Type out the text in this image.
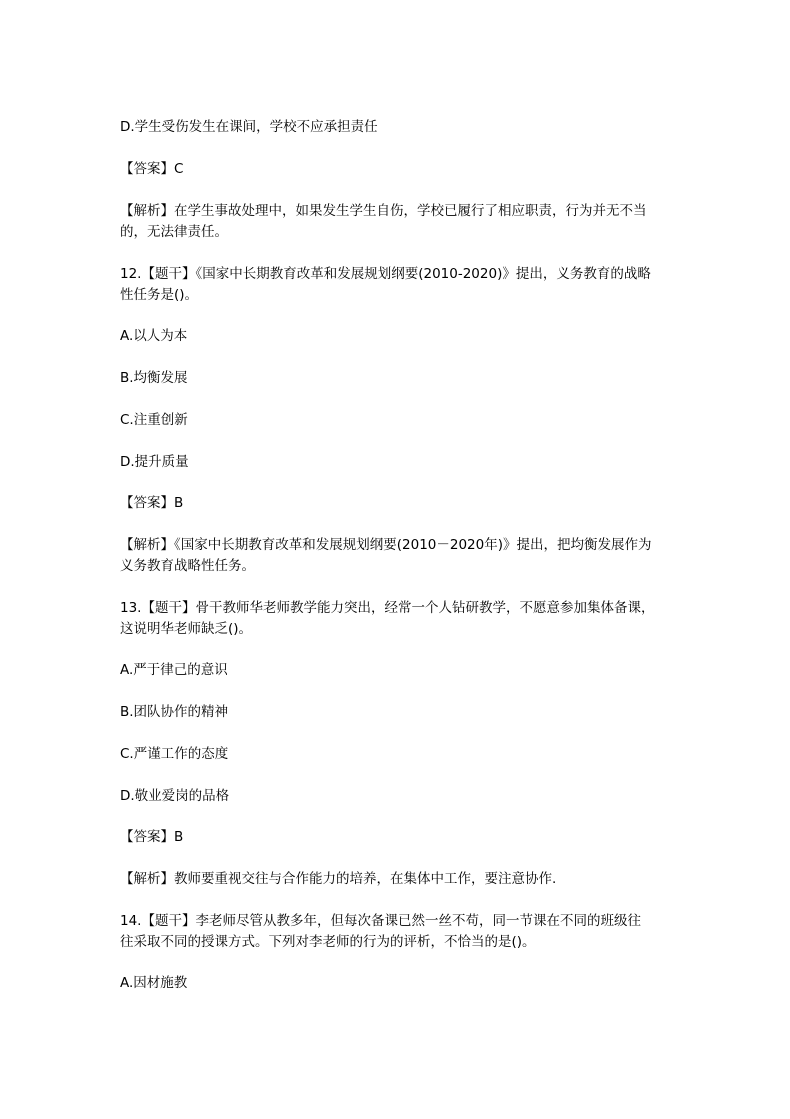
D.学生受伤发生在课间，学校不应承担责任
【答案】C
【解析】在学生事故处理中，如果发生学生自伤，学校已履行了相应职责，行为并无不当
的，无法律责任。
12.【题干】《国家中长期教育改革和发展规划纲要(2010-2020)》提出，义务教育的战略
性任务是()。
A.以人为本
B.均衡发展
C.注重创新
D.提升质量
【答案】B
【解析】《国家中长期教育改革和发展规划纲要(2010－2020年)》提出，把均衡发展作为
义务教育战略性任务。
13.【题干】骨干教师华老师教学能力突出，经常一个人钻研教学，不愿意参加集体备课，
这说明华老师缺乏()。
A.严于律己的意识
B.团队协作的精神
C.严谨工作的态度
D.敬业爱岗的品格
【答案】B
【解析】教师要重视交往与合作能力的培养，在集体中工作，要注意协作.
14.【题干】李老师尽管从教多年，但每次备课已然一丝不苟，同一节课在不同的班级往
往采取不同的授课方式。下列对李老师的行为的评析，不恰当的是()。
A.因材施教
